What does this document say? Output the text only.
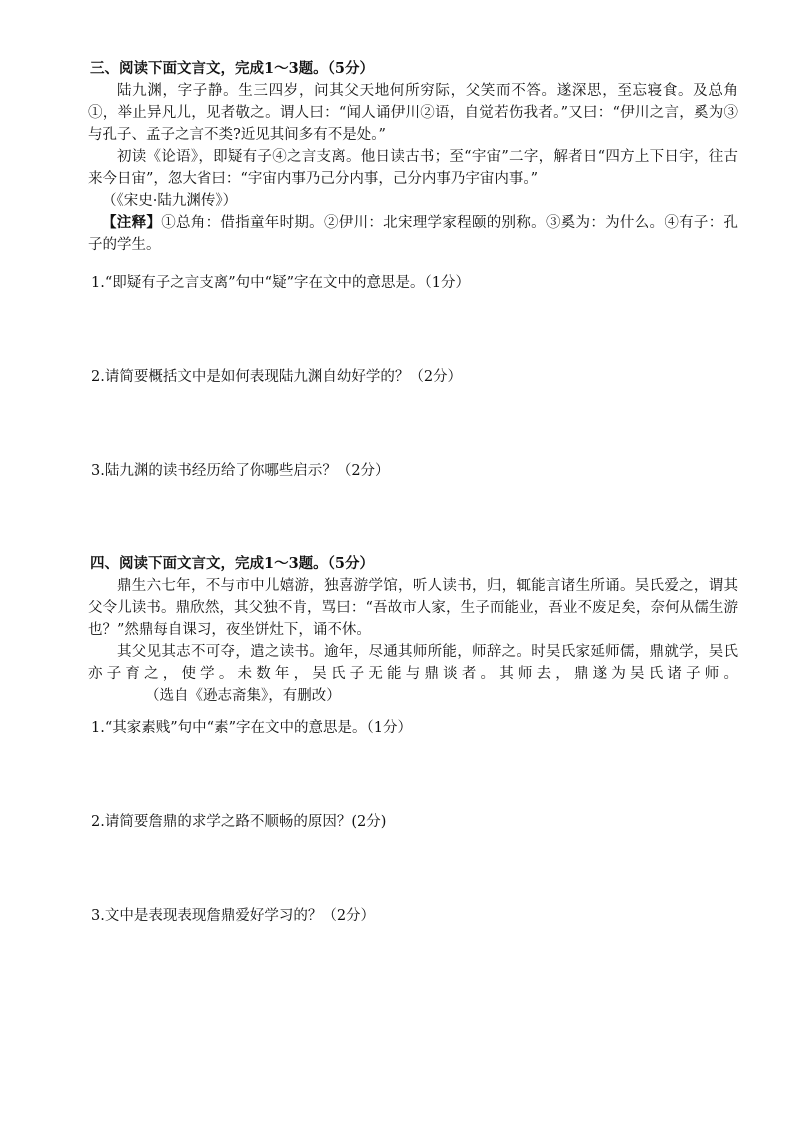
三、阅读下面文言文，完成1～3题。（5分）

陆九渊，字子静。生三四岁，问其父天地何所穷际，父笑而不答。遂深思，至忘寝食。及总角①，举止异凡儿，见者敬之。谓人曰：“闻人诵伊川②语，自觉若伤我者。”又曰：“伊川之言，奚为③与孔子、孟子之言不类?近见其间多有不是处。”

初读《论语》，即疑有子④之言支离。他日读古书；至“宇宙”二字，解者日“四方上下日宇，往古来今日宙”，忽大省曰：“宇宙内事乃己分内事，己分内事乃宇宙内事。”

（《宋史·陆九渊传》）

【注释】①总角：借指童年时期。②伊川：北宋理学家程颐的别称。③奚为：为什么。④有子：孔子的学生。

1.“即疑有子之言支离”句中“疑”字在文中的意思是。（1分）
2.请简要概括文中是如何表现陆九渊自幼好学的？（2分）
3.陆九渊的读书经历给了你哪些启示？（2分）
四、阅读下面文言文，完成1～3题。（5分）

鼎生六七年，不与市中儿嬉游，独喜游学馆，听人读书，归，辄能言诸生所诵。吴氏爱之，谓其父令儿读书。鼎欣然，其父独不肯，骂曰：“吾故市人家，生子而能业，吾业不废足矣，奈何从儒生游也？”然鼎每自课习，夜坐饼灶下，诵不休。

其父见其志不可夺，遣之读书。逾年，尽通其师所能，师辞之。时吴氏家延师儒，鼎就学，吴氏亦子育之，使学。未数年，吴氏子无能与鼎谈者。其师去，鼎遂为吴氏诸子师。（选自《逊志斋集》，有删改）

1.“其家素贱”句中“素”字在文中的意思是。（1分）
2.请简要詹鼎的求学之路不顺畅的原因？(2分)
3.文中是表现表现詹鼎爱好学习的？（2分）
